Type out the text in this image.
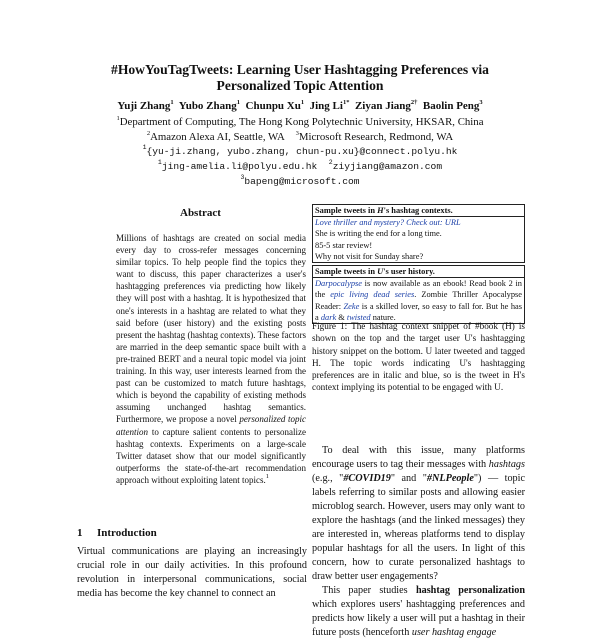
#HowYouTagTweets: Learning User Hashtagging Preferences via
Personalized Topic Attention
Yuji Zhang$^1$ Yubo Zhang$^1$ Chunpu Xu$^1$ Jing $Li^{1*}$ Ziyan Jiang$^{2\dagger}$ Baolin Peng$^3$
$^1$Department of Computing, The Hong Kong Polytechnic University, HKSAR, China
$^2$Amazon Alexa AI, Seattle, WA $^3$Microsoft Research, Redmond, WA
$^1${yu-ji.zhang, yubo.zhang, chun-pu.xu}@connect.polyu.hk
$^1$jing-amelia.li@polyu.edu.hk $^2$ziyjiang@amazon.com
$^3$bapeng@microsoft.com
Abstract
Millions of hashtags are created on social media every day to cross-refer messages concerning similar topics. To help people find the topics they want to discuss, this paper characterizes a user's hashtagging preferences via predicting how likely they will post with a hashtag. It is hypothesized that one's interests in a hashtag are related to what they said before (user history) and the existing posts present the hashtag (hashtag contexts). These factors are married in the deep semantic space built with a pre-trained BERT and a neural topic model via joint training. In this way, user interests learned from the past can be customized to match future hashtags, which is beyond the capability of existing methods assuming unchanged hashtag semantics. Furthermore, we propose a novel personalized topic attention to capture salient contents to personalize hashtag contexts. Experiments on a large-scale Twitter dataset show that our model significantly outperforms the state-of-the-art recommendation approach without exploiting latent topics.$^1$
1 Introduction
Virtual communications are playing an increasingly crucial role in our daily activities. In this profound revolution in interpersonal communications, social media has become the key channel to connect an
Sample tweets in H's hashtag contexts.
Love thriller and mystery? Check out: URL
She is writing the end for a long time.
85-5 star review!
Why not visit for Sunday share?
Sample tweets in U's user history.
Darpocalypse is now available as an ebook! Read book 2 in the epic living dead series. Zombie Thriller Apocalypse Reader: Zeke is a skilled lover, so easy to fall for. But he has a dark & twisted nature.
Figure 1: The hashtag context snippet of #book (H) is shown on the top and the target user U's hashtagging history snippet on the bottom. U later tweeted and tagged H. The topic words indicating U's hashtagging preferences are in italic and blue, so is the tweet in H's context implying its potential to be engaged with U.

To deal with this issue, many platforms encourage users to tag their messages with hashtags (e.g., "#COVID19" and "#NLPeople") — topic labels referring to similar posts and allowing easier microblog search. However, users may only want to explore the hashtags (and the linked messages) they are interested in, whereas platforms tend to display popular hashtags for all the users. In light of this concern, how to curate personalized hashtags to draw better user engagements?

This paper studies hashtag personalization which explores users' hashtagging preferences and predicts how likely a user will put a hashtag in their future posts (henceforth user hashtag engage
